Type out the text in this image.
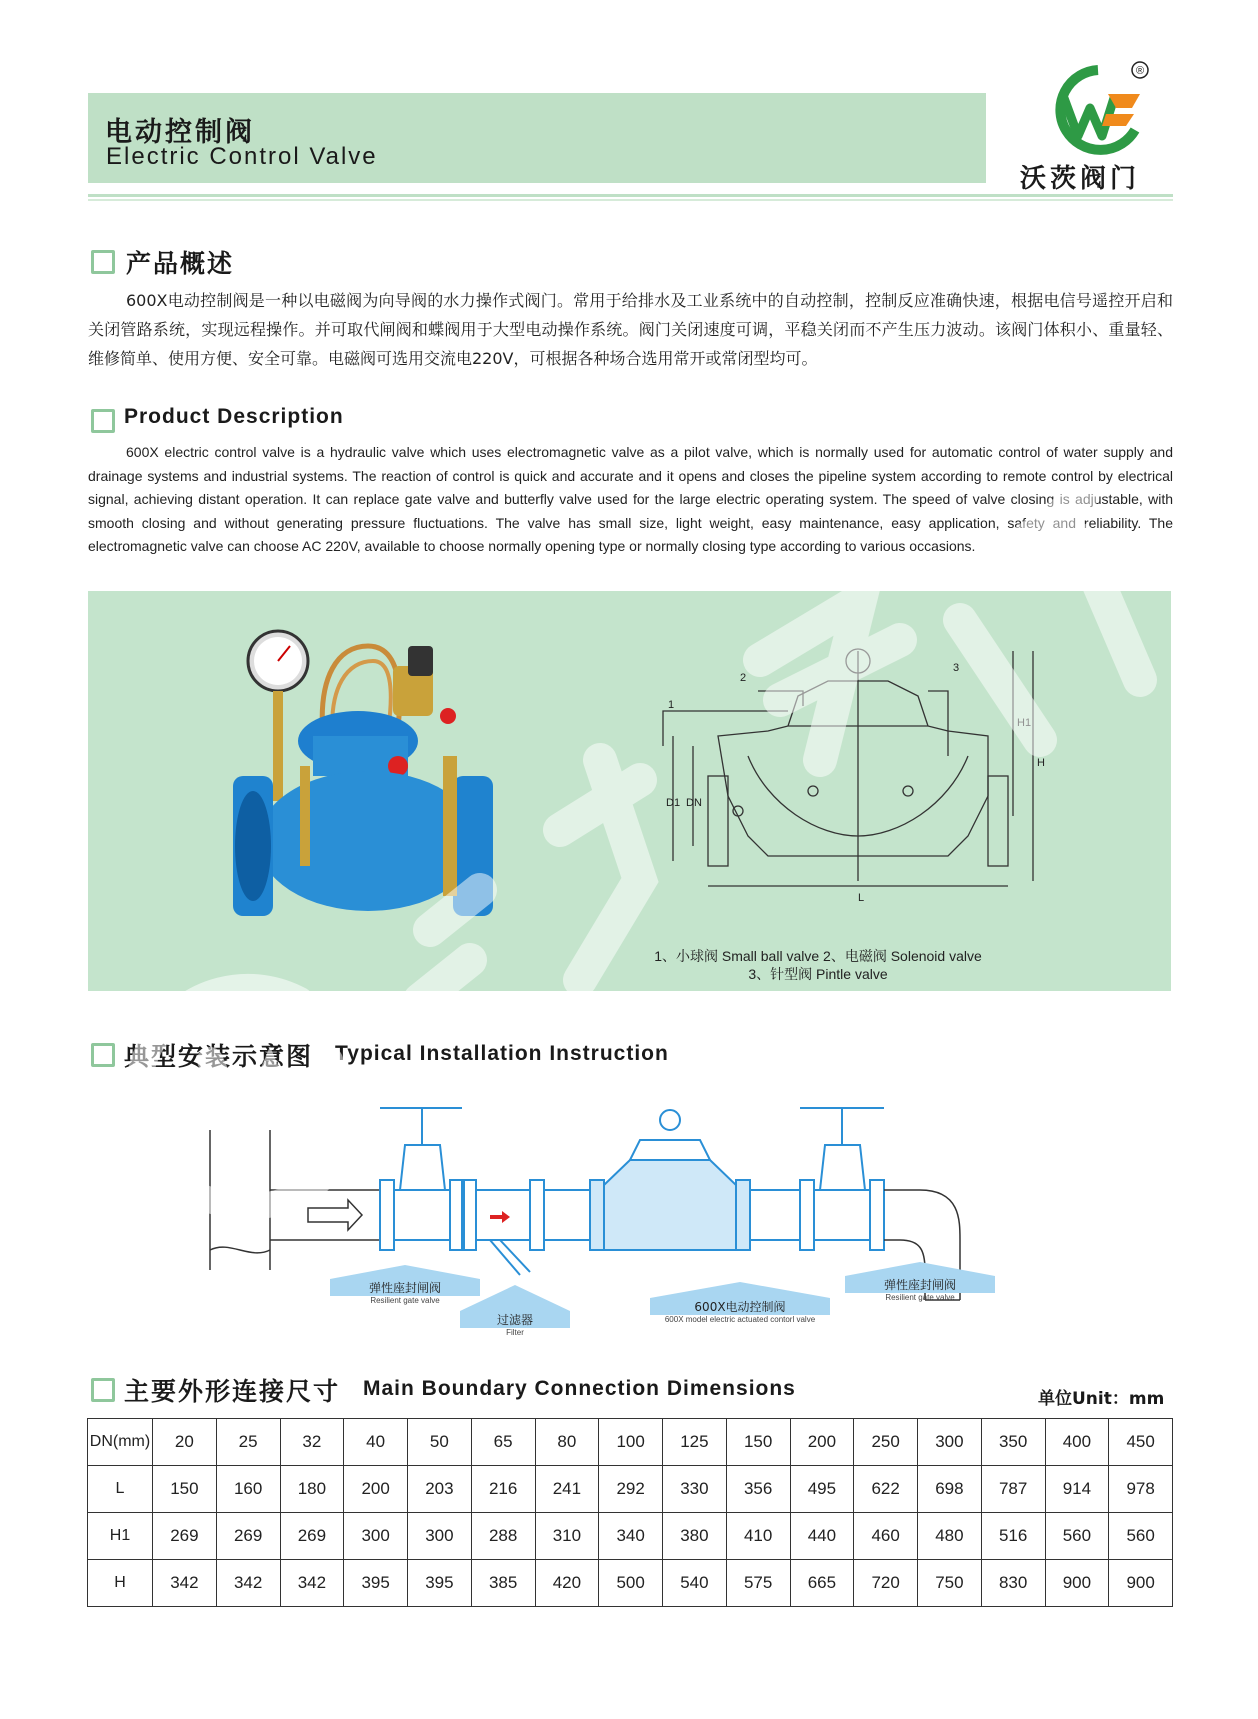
电动控制阀
Electric Control Valve
®
沃茨阀门
产品概述
600X电动控制阀是一种以电磁阀为向导阀的水力操作式阀门。常用于给排水及工业系统中的自动控制，控制反应准确快速，根据电信号遥控开启和关闭管路系统，实现远程操作。并可取代闸阀和蝶阀用于大型电动操作系统。阀门关闭速度可调，平稳关闭而不产生压力波动。该阀门体积小、重量轻、维修简单、使用方便、安全可靠。电磁阀可选用交流电220V，可根据各种场合选用常开或常闭型均可。
Product Description
600X electric control valve is a hydraulic valve which uses electromagnetic valve as a pilot valve, which is normally used for automatic control of water supply and drainage systems and industrial systems. The reaction of control is quick and accurate and it opens and closes the pipeline system according to remote control by electrical signal, achieving distant operation. It can replace gate valve and butterfly valve used for the large electric operating system. The speed of valve closing is adjustable, with smooth closing and without generating pressure fluctuations. The valve has small size, light weight, easy maintenance, easy application, safety and reliability. The electromagnetic valve can choose AC 220V, available to choose normally opening type or normally closing type according to various occasions.
1
2
3
D1 DN
L
H1
H
1、小球阀 Small ball valve 2、电磁阀 Solenoid valve
3、针型阀 Pintle valve
典型安装示意图 Typical Installation Instruction
弹性座封闸阀
Resilient gate valve
过滤器
Filter
600X电动控制阀
600X model electric actuated contorl valve
弹性座封闸阀
Resilient gate valve
主要外形连接尺寸 Main Boundary Connection Dimensions	单位Unit：mm
DN(mm)	20	25	32	40	50	65	80	100	125	150	200	250	300	350	400	450
L	150	160	180	200	203	216	241	292	330	356	495	622	698	787	914	978
H1	269	269	269	300	300	288	310	340	380	410	440	460	480	516	560	560
H	342	342	342	395	395	385	420	500	540	575	665	720	750	830	900	900
